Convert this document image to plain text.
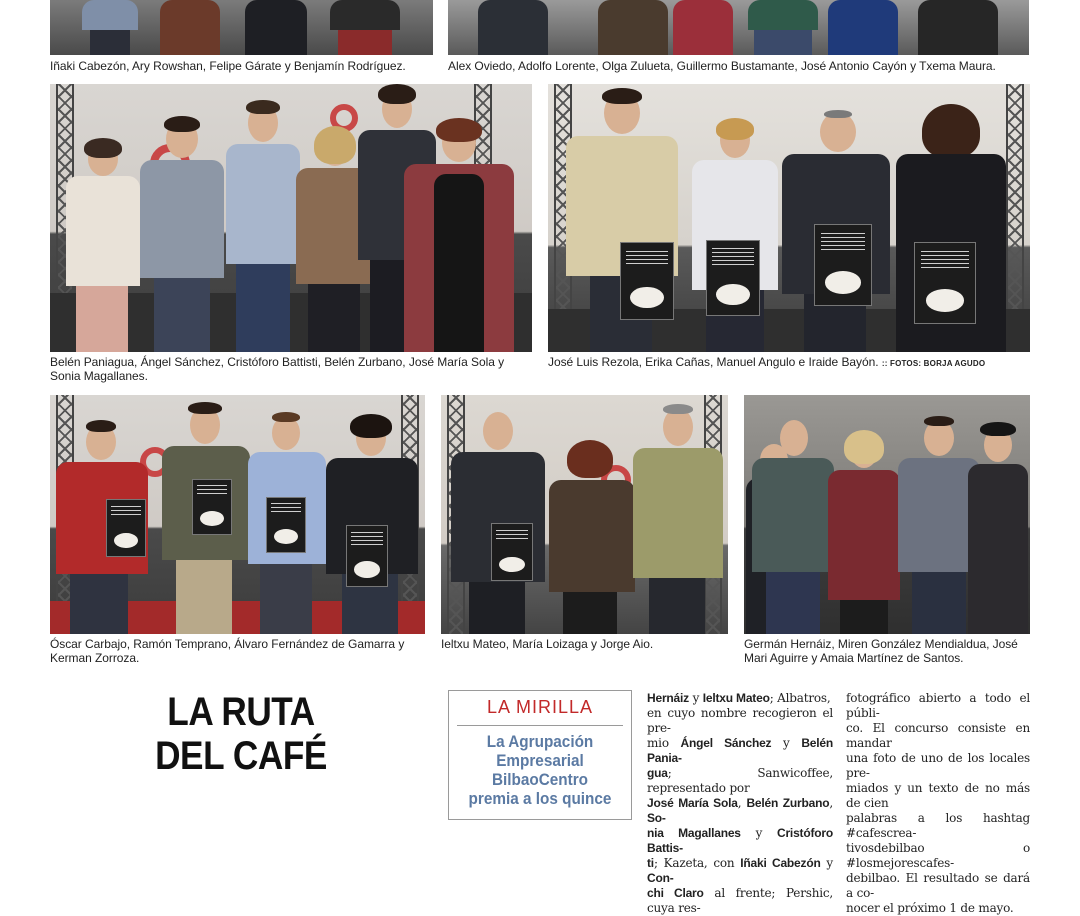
Iñaki Cabezón, Ary Rowshan, Felipe Gárate y Benjamín Rodríguez.	Alex Oviedo, Adolfo Lorente, Olga Zulueta, Guillermo Bustamante, José Antonio Cayón y Txema Maura.
Belén Paniagua, Ángel Sánchez, Cristóforo Battisti, Belén Zurbano, José María Sola y
Sonia Magallanes.
José Luis Rezola, Erika Cañas, Manuel Angulo e Iraide Bayón. :: FOTOS: BORJA AGUDO
Óscar Carbajo, Ramón Temprano, Álvaro Fernández de Gamarra y
Kerman Zorroza.
Ieltxu Mateo, María Loizaga y Jorge Aio.	Germán Hernáiz, Miren González Mendialdua, José
Mari Aguirre y Amaia Martínez de Santos.
LA RUTA
DEL CAFÉ
LA MIRILLA
La Agrupación
Empresarial
BilbaoCentro
premia a los quince
Hernáiz y Ieltxu Mateo; Albatros,
en cuyo nombre recogieron el pre-
mio Ángel Sánchez y Belén Pania-
gua; Sanwicoffee, representado por
José María Sola, Belén Zurbano, So-
nia Magallanes y Cristóforo Battis-
ti; Kazeta, con Iñaki Cabezón y Con-
chi Claro al frente; Pershic, cuya res-
fotográfico abierto a todo el públi-
co. El concurso consiste en mandar
una foto de uno de los locales pre-
miados y un texto de no más de cien
palabras a los hashtag #cafescrea-
tivosdebilbao o #losmejorescafes-
debilbao. El resultado se dará a co-
nocer el próximo 1 de mayo.
